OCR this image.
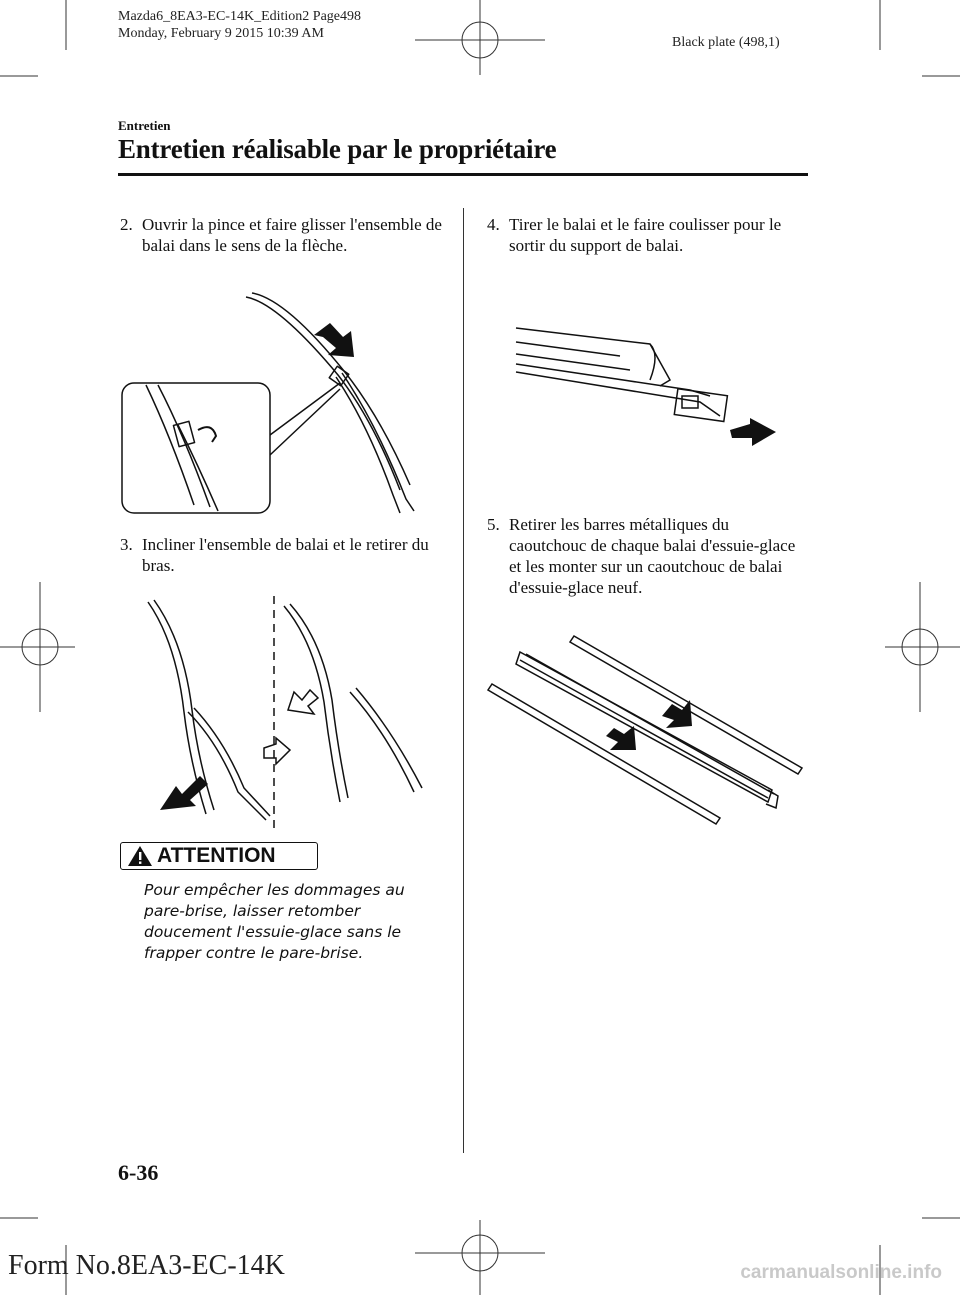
Mazda6_8EA3-EC-14K_Edition2 Page498
Monday, February 9 2015 10:39 AM
Black plate (498,1)
Entretien
Entretien réalisable par le propriétaire
2. Ouvrir la pince et faire glisser l'ensemble de balai dans le sens de la flèche.
3. Incliner l'ensemble de balai et le retirer du bras.
ATTENTION
Pour empêcher les dommages au pare-brise, laisser retomber doucement l'essuie-glace sans le frapper contre le pare-brise.
4. Tirer le balai et le faire coulisser pour le sortir du support de balai.
5. Retirer les barres métalliques du caoutchouc de chaque balai d'essuie-glace et les monter sur un caoutchouc de balai d'essuie-glace neuf.
6-36
Form No.8EA3-EC-14K	carmanualsonline.info
